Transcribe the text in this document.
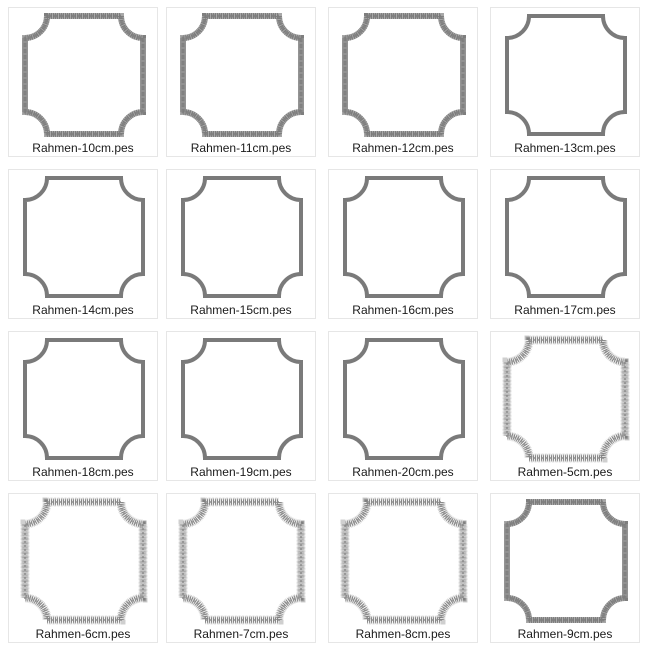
Rahmen-10cm.pes	Rahmen-11cm.pes	Rahmen-12cm.pes	Rahmen-13cm.pes
Rahmen-14cm.pes	Rahmen-15cm.pes	Rahmen-16cm.pes	Rahmen-17cm.pes
Rahmen-18cm.pes	Rahmen-19cm.pes	Rahmen-20cm.pes	Rahmen-5cm.pes
Rahmen-6cm.pes	Rahmen-7cm.pes	Rahmen-8cm.pes	Rahmen-9cm.pes
